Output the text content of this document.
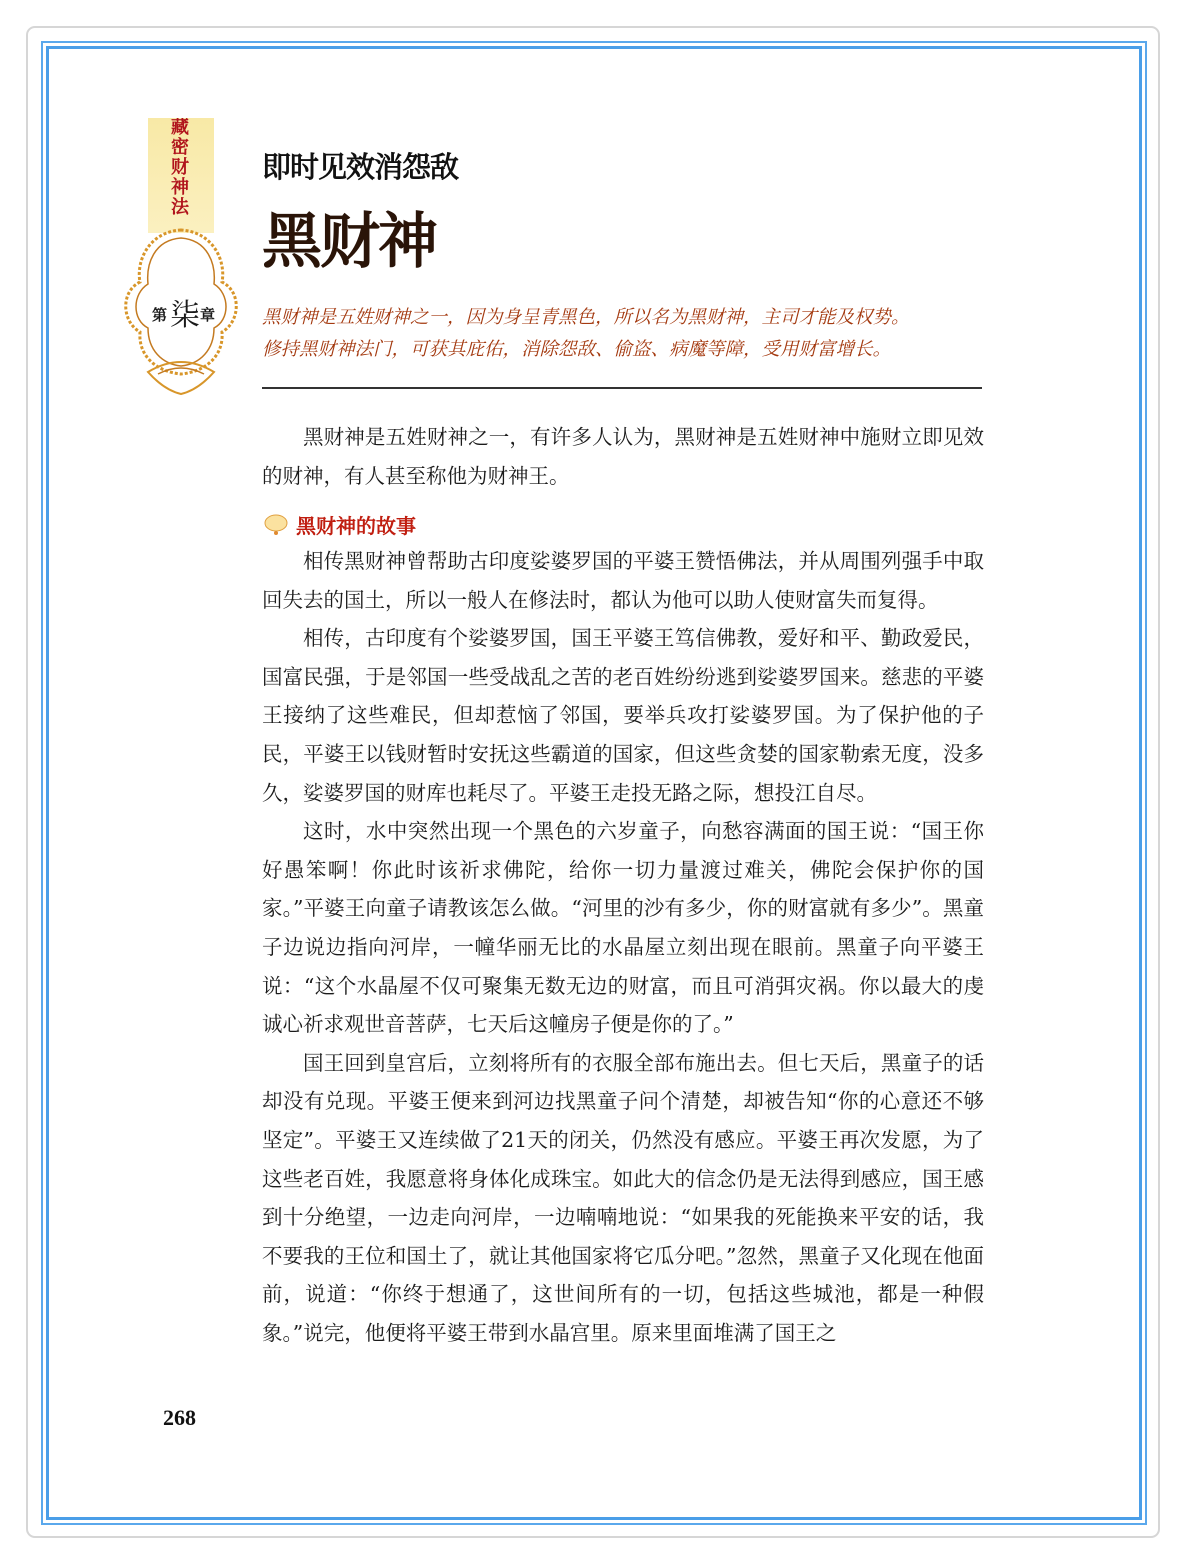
藏密财神法
第 柒 章
即时见效消怨敌
黑财神
黑财神是五姓财神之一，因为身呈青黑色，所以名为黑财神，主司才能及权势。
修持黑财神法门，可获其庇佑，消除怨敌、偷盗、病魔等障，受用财富增长。

黑财神是五姓财神之一，有许多人认为，黑财神是五姓财神中施财立即见效的财神，有人甚至称他为财神王。

黑财神的故事

相传黑财神曾帮助古印度娑婆罗国的平婆王赞悟佛法，并从周围列强手中取回失去的国土，所以一般人在修法时，都认为他可以助人使财富失而复得。

相传，古印度有个娑婆罗国，国王平婆王笃信佛教，爱好和平、勤政爱民，国富民强，于是邻国一些受战乱之苦的老百姓纷纷逃到娑婆罗国来。慈悲的平婆王接纳了这些难民，但却惹恼了邻国，要举兵攻打娑婆罗国。为了保护他的子民，平婆王以钱财暂时安抚这些霸道的国家，但这些贪婪的国家勒索无度，没多久，娑婆罗国的财库也耗尽了。平婆王走投无路之际，想投江自尽。

这时，水中突然出现一个黑色的六岁童子，向愁容满面的国王说：“国王你好愚笨啊！你此时该祈求佛陀，给你一切力量渡过难关，佛陀会保护你的国家。”平婆王向童子请教该怎么做。“河里的沙有多少，你的财富就有多少”。黑童子边说边指向河岸，一幢华丽无比的水晶屋立刻出现在眼前。黑童子向平婆王说：“这个水晶屋不仅可聚集无数无边的财富，而且可消弭灾祸。你以最大的虔诚心祈求观世音菩萨，七天后这幢房子便是你的了。”

国王回到皇宫后，立刻将所有的衣服全部布施出去。但七天后，黑童子的话却没有兑现。平婆王便来到河边找黑童子问个清楚，却被告知“你的心意还不够坚定”。平婆王又连续做了21天的闭关，仍然没有感应。平婆王再次发愿，为了这些老百姓，我愿意将身体化成珠宝。如此大的信念仍是无法得到感应，国王感到十分绝望，一边走向河岸，一边喃喃地说：“如果我的死能换来平安的话，我不要我的王位和国土了，就让其他国家将它瓜分吧。”忽然，黑童子又化现在他面前，说道：“你终于想通了，这世间所有的一切，包括这些城池，都是一种假象。”说完，他便将平婆王带到水晶宫里。原来里面堆满了国王之

268
